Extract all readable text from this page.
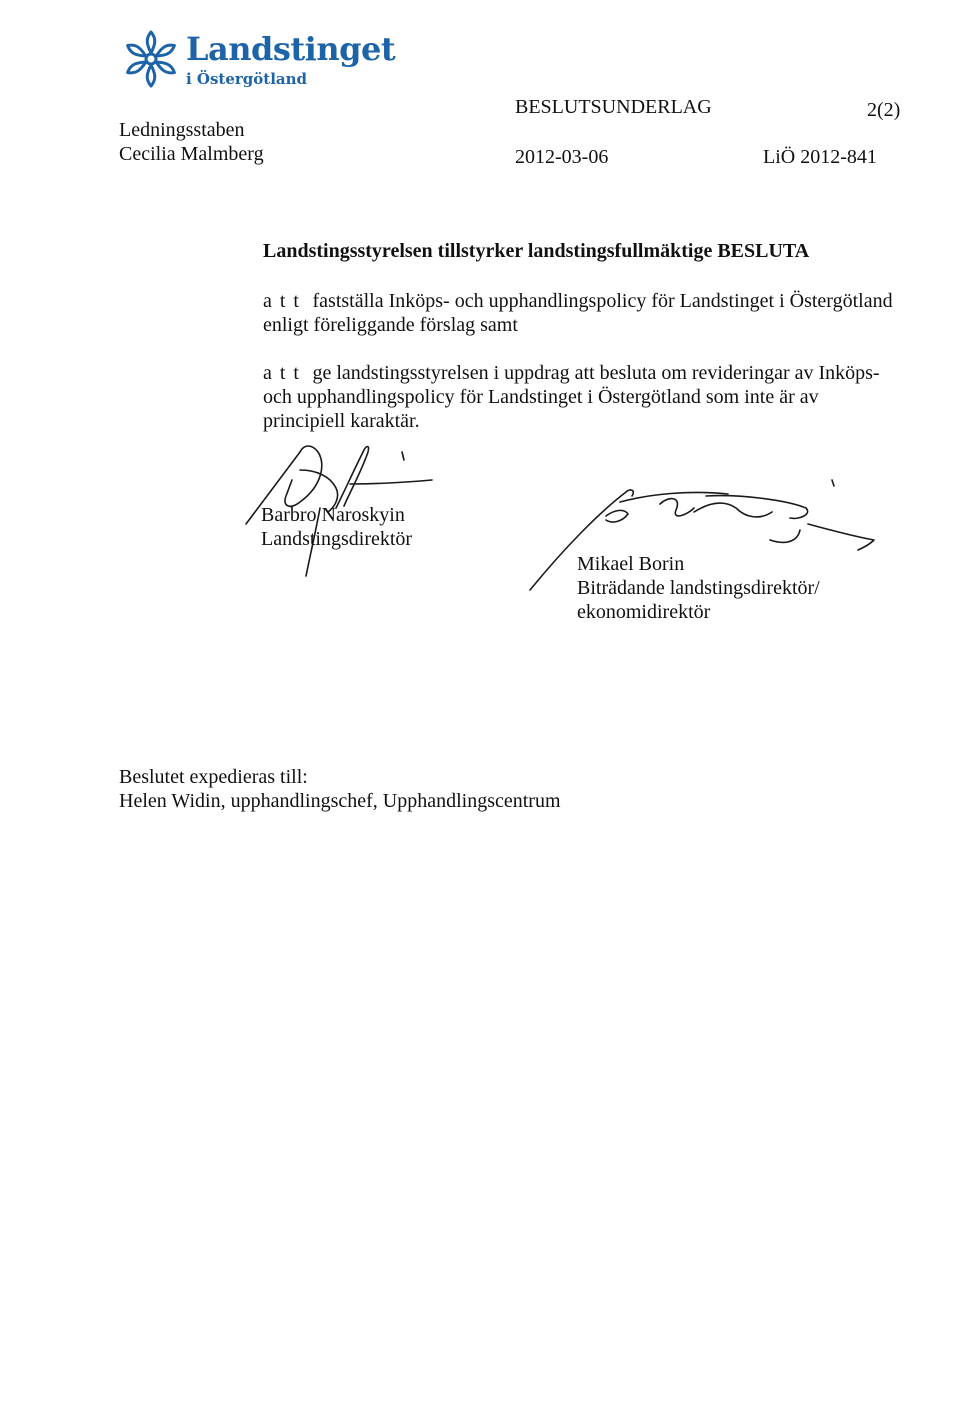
Landstinget
i Östergötland
BESLUTSUNDERLAG	2(2)
Ledningsstaben
Cecilia Malmberg	2012-03-06	LiÖ 2012-841
Landstingsstyrelsen tillstyrker landstingsfullmäktige BESLUTA
a t t fastställa Inköps- och upphandlingspolicy för Landstinget i Östergötland
enligt föreliggande förslag samt
a t t ge landstingsstyrelsen i uppdrag att besluta om revideringar av Inköps-
och upphandlingspolicy för Landstinget i Östergötland som inte är av
principiell karaktär.
Barbro Naroskyin
Landstingsdirektör
Mikael Borin
Biträdande landstingsdirektör/
ekonomidirektör
Beslutet expedieras till:
Helen Widin, upphandlingschef, Upphandlingscentrum
